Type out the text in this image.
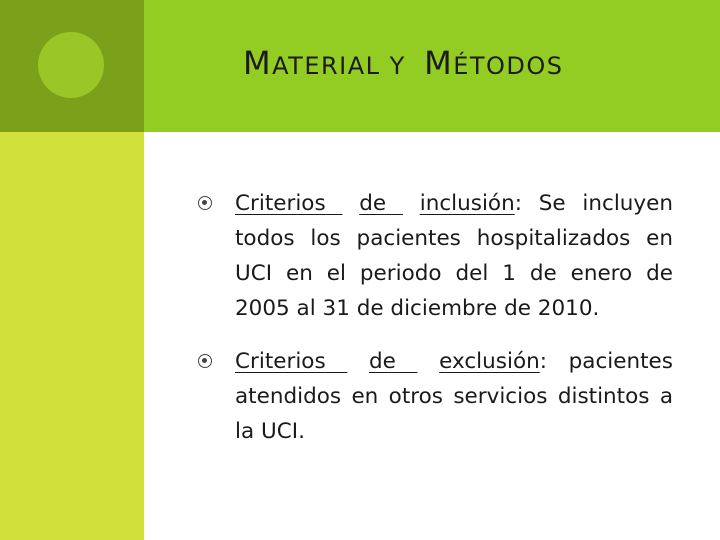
MATERIAL Y MÉTODOS
Criterios de inclusión: Se incluyen todos los pacientes hospitalizados en UCI en el periodo del 1 de enero de 2005 al 31 de diciembre de 2010.
Criterios de exclusión: pacientes atendidos en otros servicios distintos a la UCI.
